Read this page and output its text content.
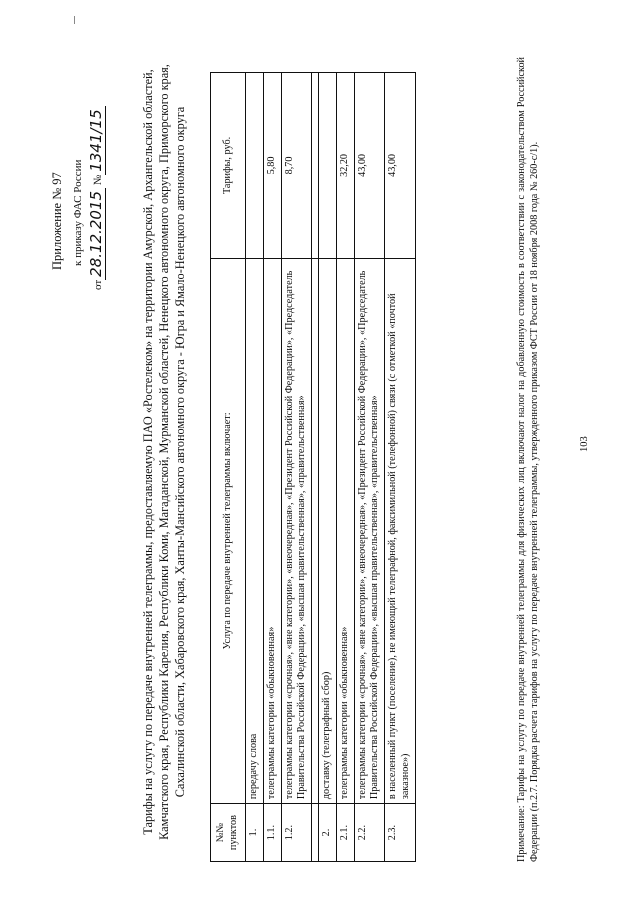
Приложение № 97 к приказу ФАС России
от28.12.2015 №1341/15	Тарифы на услугу по передаче внутренней телеграммы, предоставляемую ПАО «Ростелеком» на территории Амурской, Архангельской областей, Камчатского края, Республики Карелия, Республики Коми, Магаданской, Мурманской областей, Ненецкого автономного округа, Приморского края, Сахалинской области, Хабаровского края, Ханты-Мансийского автономного округа - Югра и Ямало-Ненецкого автономного округа
№№ пунктов	Услуга по передаче внутренней телеграммы включает:	Тарифы, руб.
1.	передачу слова	
1.1.	телеграммы категории «обыкновенная»	5,80
1.2.	телеграммы категории «срочная», «вне категории», «внеочередная», «Президент Российской Федерации», «Председатель Правительства Российской Федерации», «высшая правительственная», «правительственная»	8,70

2.	доставку (телеграфный сбор)	
2.1.	телеграммы категории «обыкновенная»	32,20
2.2.	телеграммы категории «срочная», «вне категории», «внеочередная», «Президент Российской Федерации», «Председатель Правительства Российской Федерации», «высшая правительственная», «правительственная»	43,00
2.3.	в населенный пункт (поселение), не имеющий телеграфной, факсимильной (телефонной) связи (с отметкой «почтой заказное»)	43,00	Примечание: Тарифы на услугу по передаче внутренней телеграммы для физических лиц включают налог на добавленную стоимость в соответствии с законодательством Российской Федерации (п.2.7. Порядка расчета тарифов на услугу по передаче внутренней телеграммы, утвержденного приказом ФСТ России от 18 ноября 2008 года № 260-с/1).	103
